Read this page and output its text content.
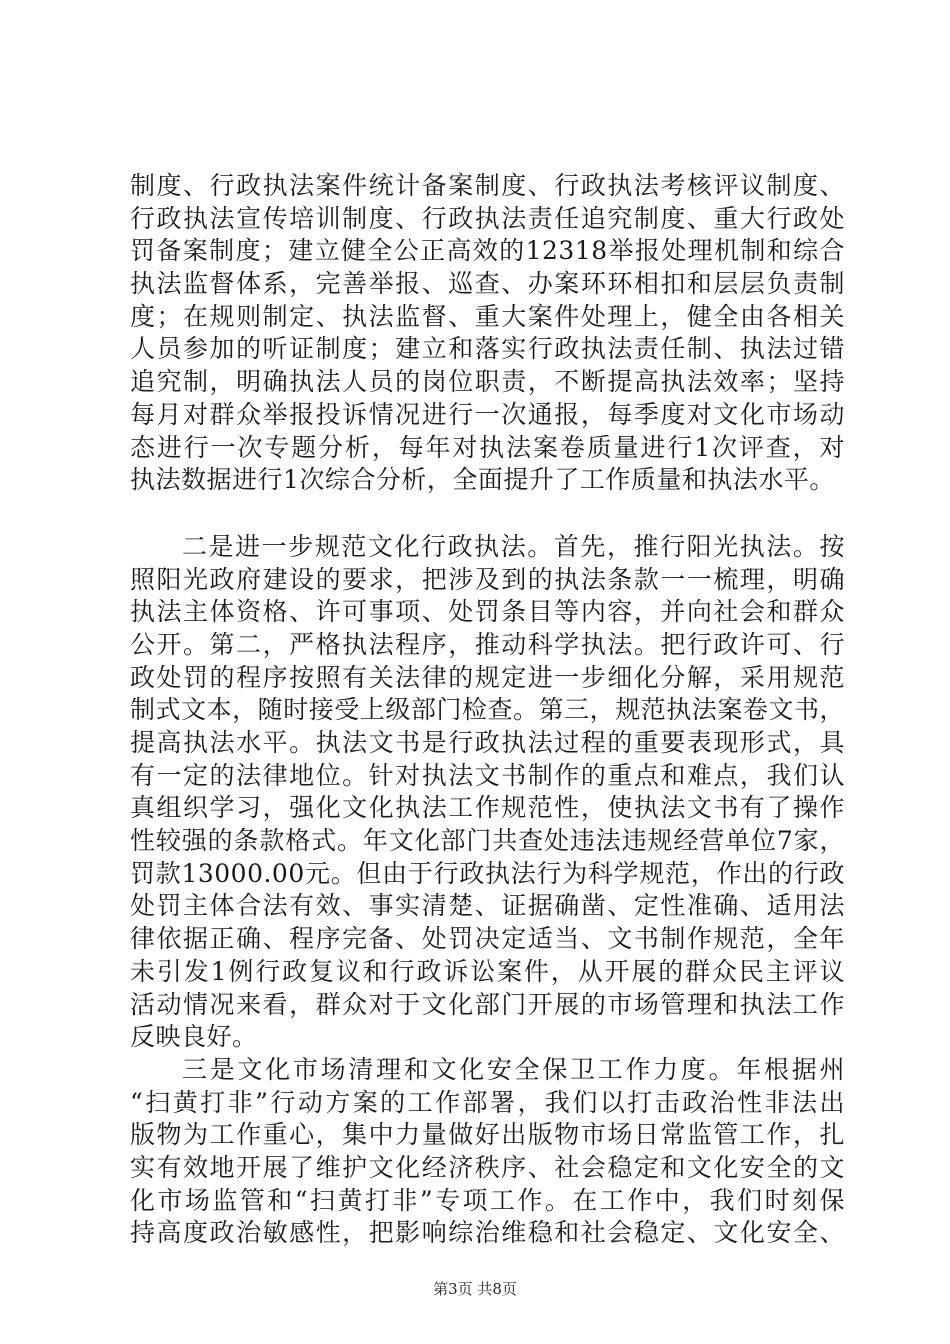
制度、行政执法案件统计备案制度、行政执法考核评议制度、
行政执法宣传培训制度、行政执法责任追究制度、重大行政处
罚备案制度；建立健全公正高效的12318举报处理机制和综合
执法监督体系，完善举报、巡查、办案环环相扣和层层负责制
度；在规则制定、执法监督、重大案件处理上，健全由各相关
人员参加的听证制度；建立和落实行政执法责任制、执法过错
追究制，明确执法人员的岗位职责，不断提高执法效率；坚持
每月对群众举报投诉情况进行一次通报，每季度对文化市场动
态进行一次专题分析，每年对执法案卷质量进行1次评查，对
执法数据进行1次综合分析，全面提升了工作质量和执法水平。
二是进一步规范文化行政执法。首先，推行阳光执法。按
照阳光政府建设的要求，把涉及到的执法条款一一梳理，明确
执法主体资格、许可事项、处罚条目等内容，并向社会和群众
公开。第二，严格执法程序，推动科学执法。把行政许可、行
政处罚的程序按照有关法律的规定进一步细化分解，采用规范
制式文本，随时接受上级部门检查。第三，规范执法案卷文书，
提高执法水平。执法文书是行政执法过程的重要表现形式，具
有一定的法律地位。针对执法文书制作的重点和难点，我们认
真组织学习，强化文化执法工作规范性，使执法文书有了操作
性较强的条款格式。年文化部门共查处违法违规经营单位7家，
罚款13000.00元。但由于行政执法行为科学规范，作出的行政
处罚主体合法有效、事实清楚、证据确凿、定性准确、适用法
律依据正确、程序完备、处罚决定适当、文书制作规范，全年
未引发1例行政复议和行政诉讼案件，从开展的群众民主评议
活动情况来看，群众对于文化部门开展的市场管理和执法工作
反映良好。
三是文化市场清理和文化安全保卫工作力度。年根据州
“扫黄打非”行动方案的工作部署，我们以打击政治性非法出
版物为工作重心，集中力量做好出版物市场日常监管工作，扎
实有效地开展了维护文化经济秩序、社会稳定和文化安全的文
化市场监管和“扫黄打非”专项工作。在工作中，我们时刻保
持高度政治敏感性，把影响综治维稳和社会稳定、文化安全、
第3页 共8页
